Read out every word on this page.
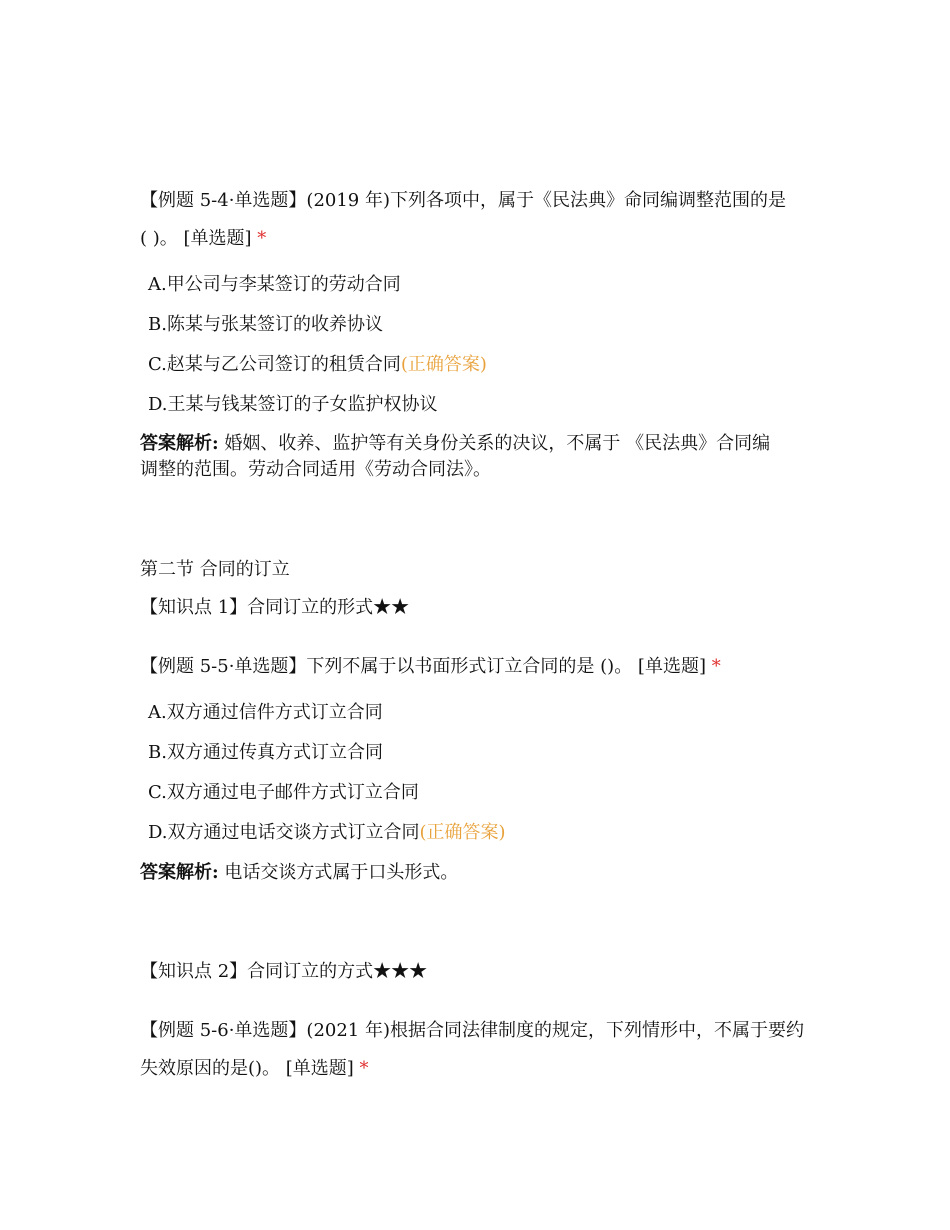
【例题 5-4·单选题】(2019 年)下列各项中，属于《民法典》命同编调整范围的是
( )。 [单选题] *
A.甲公司与李某签订的劳动合同
B.陈某与张某签订的收养协议
C.赵某与乙公司签订的租赁合同(正确答案)
D.王某与钱某签订的子女监护权协议
答案解析: 婚姻、收养、监护等有关身份关系的决议，不属于 《民法典》合同编
调整的范围。劳动合同适用《劳动合同法》。
第二节 合同的订立
【知识点 1】合同订立的形式★★
【例题 5-5·单选题】下列不属于以书面形式订立合同的是 ()。 [单选题] *
A.双方通过信件方式订立合同
B.双方通过传真方式订立合同
C.双方通过电子邮件方式订立合同
D.双方通过电话交谈方式订立合同(正确答案)
答案解析: 电话交谈方式属于口头形式。
【知识点 2】合同订立的方式★★★
【例题 5-6·单选题】(2021 年)根据合同法律制度的规定，下列情形中，不属于要约
失效原因的是()。 [单选题] *
